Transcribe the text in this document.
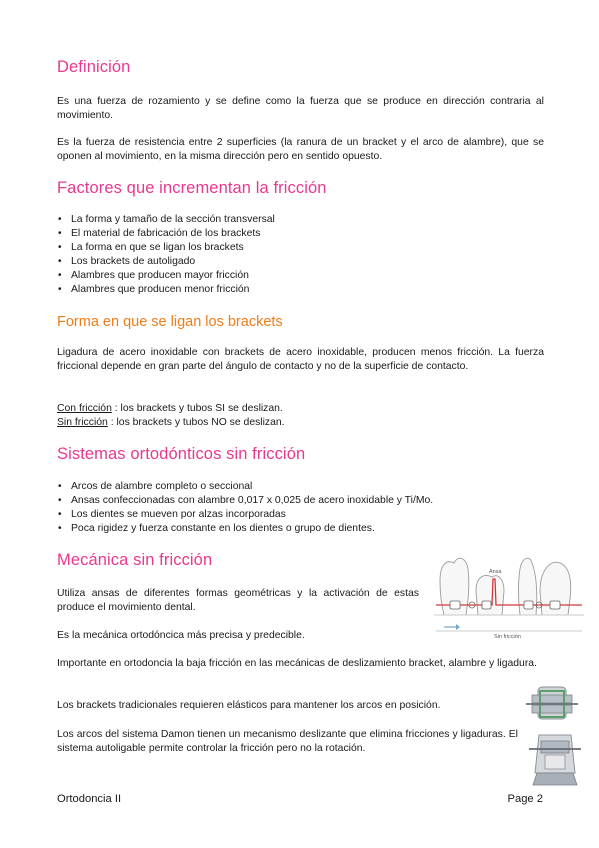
Definición

Es una fuerza de rozamiento y se define como la fuerza que se produce en dirección contraria al movimiento.

Es la fuerza de resistencia entre 2 superficies (la ranura de un bracket y el arco de alambre), que se oponen al movimiento, en la misma dirección pero en sentido opuesto.

Factores que incrementan la fricción
• La forma y tamaño de la sección transversal
• El material de fabricación de los brackets
• La forma en que se ligan los brackets
• Los brackets de autoligado
• Alambres que producen mayor fricción
• Alambres que producen menor fricción
Forma en que se ligan los brackets

Ligadura de acero inoxidable con brackets de acero inoxidable, producen menos fricción. La fuerza friccional depende en gran parte del ángulo de contacto y no de la superficie de contacto.

Con fricción : los brackets y tubos SI se deslizan.

Sin fricción : los brackets y tubos NO se deslizan.

Sistemas ortodónticos sin fricción
• Arcos de alambre completo o seccional
• Ansas confeccionadas con alambre 0,017 x 0,025 de acero inoxidable y Ti/Mo.
• Los dientes se mueven por alzas incorporadas
• Poca rigidez y fuerza constante en los dientes o grupo de dientes.
Mecánica sin fricción

Utiliza ansas de diferentes formas geométricas y la activación de estas produce el movimiento dental.

Es la mecánica ortodóncica más precisa y predecible.

Importante en ortodoncia la baja fricción en las mecánicas de deslizamiento bracket, alambre y ligadura.

Los brackets tradicionales requieren elásticos para mantener los arcos en posición.

Los arcos del sistema Damon tienen un mecanismo deslizante que elimina fricciones y ligaduras. El sistema autoligable permite controlar la fricción pero no la rotación.

Ansa
Sin fricción
Ortodoncia II	Page 2
